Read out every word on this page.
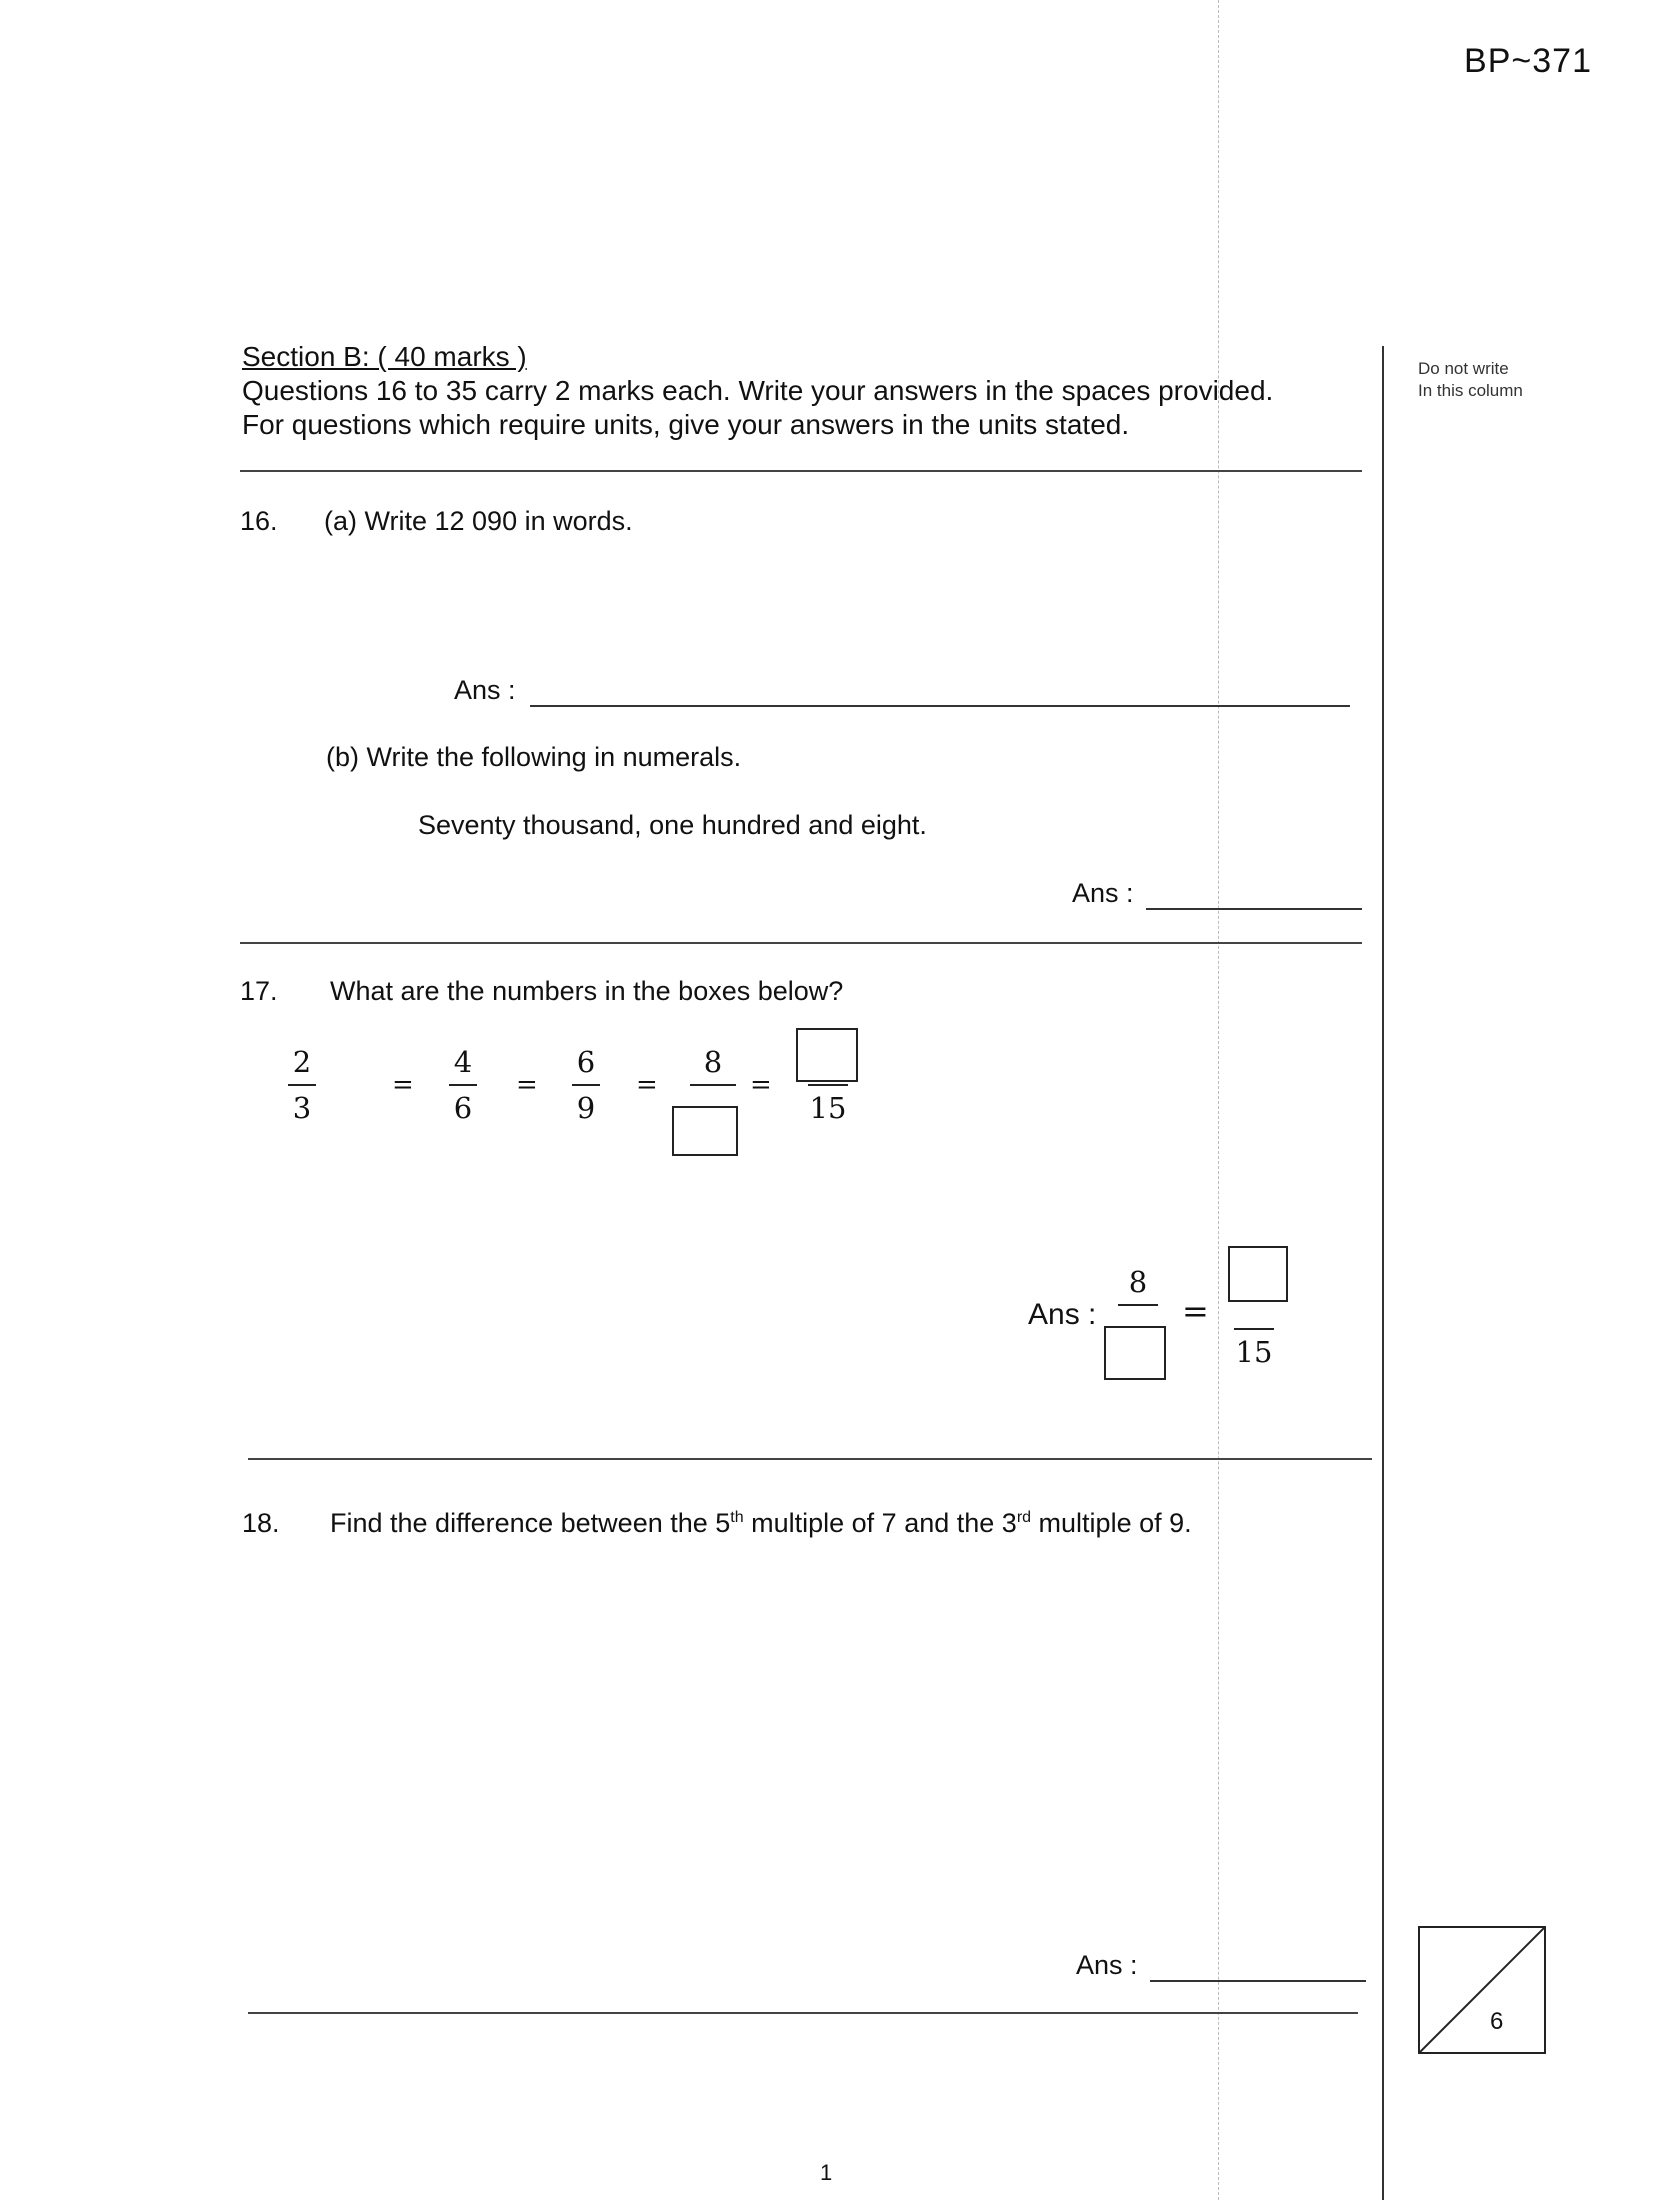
BP~371
Do not write
In this column
Section B: ( 40 marks )
Questions 16 to 35 carry 2 marks each. Write your answers in the spaces provided.
For questions which require units, give your answers in the units stated.
16. (a) Write 12 090 in words.
Ans :
(b) Write the following in numerals.
Seventy thousand, one hundred and eight.
Ans :
17. What are the numbers in the boxes below?
2
3
=
4
6
=
6
9
=
8
=
15
Ans :
8
=
15
18. Find the difference between the 5th multiple of 7 and the 3rd multiple of 9.
Ans :
6
1
